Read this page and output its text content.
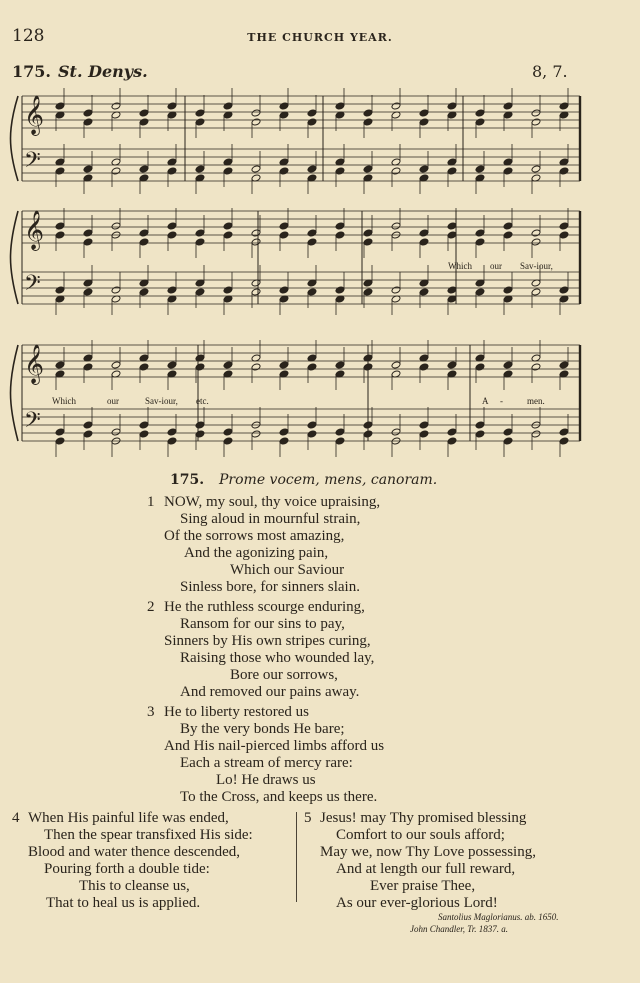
128	THE CHURCH YEAR.
175. St. Denys.	8, 7.
𝄞
𝄢
𝄞
𝄢
𝄞
𝄢
Which our Sav-iour,
Which	our	Sav-iour, etc.	A -	men.
175. Prome vocem, mens, canoram.
1 NOW, my soul, thy voice upraising,
Sing aloud in mournful strain,
Of the sorrows most amazing,
And the agonizing pain,
Which our Saviour
Sinless bore, for sinners slain.
2 He the ruthless scourge enduring,
Ransom for our sins to pay,
Sinners by His own stripes curing,
Raising those who wounded lay,
Bore our sorrows,
And removed our pains away.
3 He to liberty restored us
By the very bonds He bare;
And His nail-pierced limbs afford us
Each a stream of mercy rare:
Lo! He draws us
To the Cross, and keeps us there.
4 When His painful life was ended,
Then the spear transfixed His side:
Blood and water thence descended,
Pouring forth a double tide:
This to cleanse us,
That to heal us is applied.
5 Jesus! may Thy promised blessing
Comfort to our souls afford;
May we, now Thy Love possessing,
And at length our full reward,
Ever praise Thee,
As our ever-glorious Lord!
Santolius Maglorianus. ab. 1650.
John Chandler, Tr. 1837. a.
